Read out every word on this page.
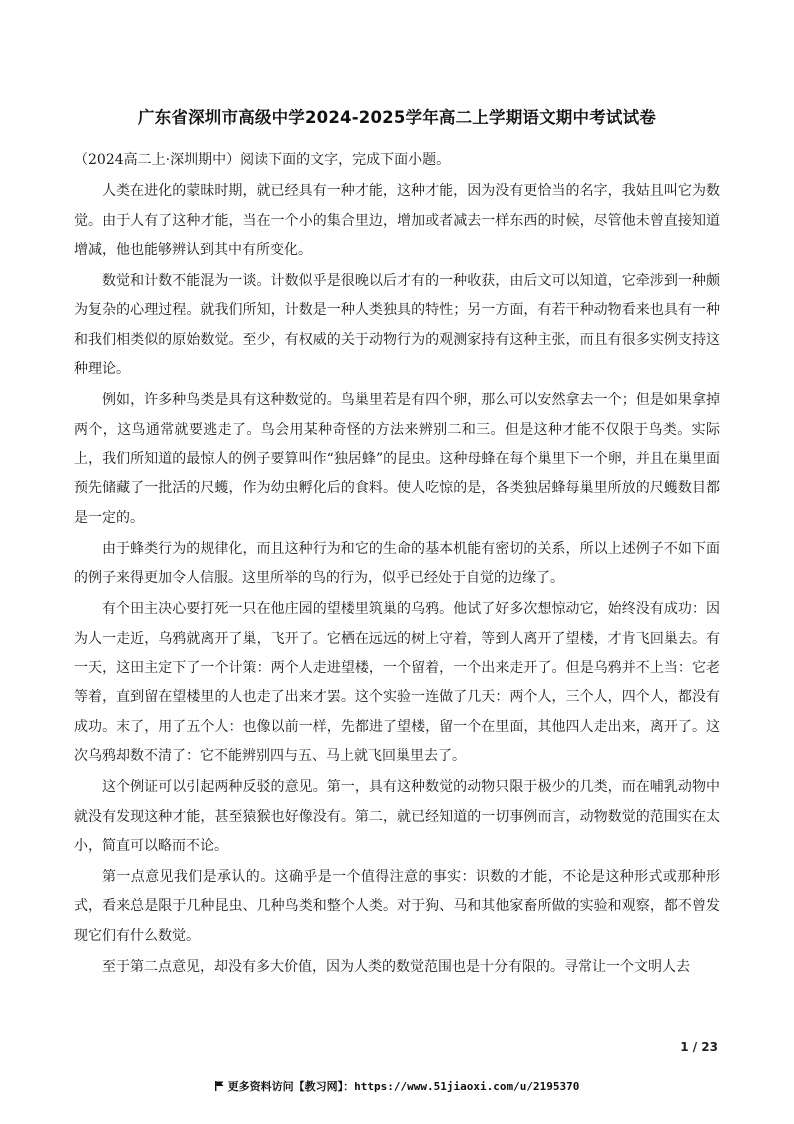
广东省深圳市高级中学2024-2025学年高二上学期语文期中考试试卷

（2024高二上·深圳期中）阅读下面的文字，完成下面小题。

人类在进化的蒙昧时期，就已经具有一种才能，这种才能，因为没有更恰当的名字，我姑且叫它为数觉。由于人有了这种才能，当在一个小的集合里边，增加或者减去一样东西的时候，尽管他未曾直接知道增减，他也能够辨认到其中有所变化。

数觉和计数不能混为一谈。计数似乎是很晚以后才有的一种收获，由后文可以知道，它牵涉到一种颇为复杂的心理过程。就我们所知，计数是一种人类独具的特性；另一方面，有若干种动物看来也具有一种和我们相类似的原始数觉。至少，有权威的关于动物行为的观测家持有这种主张，而且有很多实例支持这种理论。

例如，许多种鸟类是具有这种数觉的。鸟巢里若是有四个卵，那么可以安然拿去一个；但是如果拿掉两个，这鸟通常就要逃走了。鸟会用某种奇怪的方法来辨别二和三。但是这种才能不仅限于鸟类。实际上，我们所知道的最惊人的例子要算叫作“独居蜂”的昆虫。这种母蜂在每个巢里下一个卵，并且在巢里面预先储藏了一批活的尺蠖，作为幼虫孵化后的食料。使人吃惊的是，各类独居蜂每巢里所放的尺蠖数目都是一定的。

由于蜂类行为的规律化，而且这种行为和它的生命的基本机能有密切的关系，所以上述例子不如下面的例子来得更加令人信服。这里所举的鸟的行为，似乎已经处于自觉的边缘了。

有个田主决心要打死一只在他庄园的望楼里筑巢的乌鸦。他试了好多次想惊动它，始终没有成功：因为人一走近，乌鸦就离开了巢，飞开了。它栖在远远的树上守着，等到人离开了望楼，才肯飞回巢去。有一天，这田主定下了一个计策：两个人走进望楼，一个留着，一个出来走开了。但是乌鸦并不上当：它老等着，直到留在望楼里的人也走了出来才罢。这个实验一连做了几天：两个人，三个人，四个人，都没有成功。末了，用了五个人：也像以前一样，先都进了望楼，留一个在里面，其他四人走出来，离开了。这次乌鸦却数不清了：它不能辨别四与五、马上就飞回巢里去了。

这个例证可以引起两种反驳的意见。第一，具有这种数觉的动物只限于极少的几类，而在哺乳动物中就没有发现这种才能，甚至猿猴也好像没有。第二，就已经知道的一切事例而言，动物数觉的范围实在太小，简直可以略而不论。

第一点意见我们是承认的。这确乎是一个值得注意的事实：识数的才能，不论是这种形式或那种形式，看来总是限于几种昆虫、几种鸟类和整个人类。对于狗、马和其他家畜所做的实验和观察，都不曾发现它们有什么数觉。

至于第二点意见，却没有多大价值，因为人类的数觉范围也是十分有限的。寻常让一个文明人去

1 / 23
更多资料访问【教习网】：https://www.51jiaoxi.com/u/2195370
